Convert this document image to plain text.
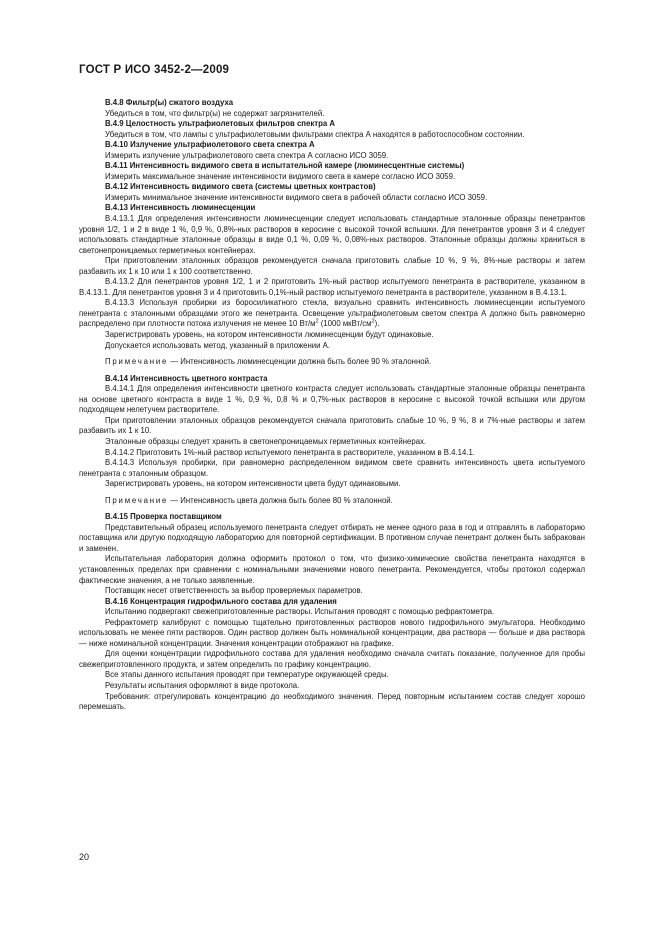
ГОСТ Р ИСО 3452-2—2009

В.4.8 Фильтр(ы) сжатого воздуха

Убедиться в том, что фильтр(ы) не содержат загрязнителей.

В.4.9 Целостность ультрафиолетовых фильтров спектра А

Убедиться в том, что лампы с ультрафиолетовыми фильтрами спектра А находятся в работоспособном состоянии.

В.4.10 Излучение ультрафиолетового света спектра А

Измерить излучение ультрафиолетового света спектра А согласно ИСО 3059.

В.4.11 Интенсивность видимого света в испытательной камере (люминесцентные системы)

Измерить максимальное значение интенсивности видимого света в камере согласно ИСО 3059.

В.4.12 Интенсивность видимого света (системы цветных контрастов)

Измерить минимальное значение интенсивности видимого света в рабочей области согласно ИСО 3059.

В.4.13 Интенсивность люминесценции

В.4.13.1 Для определения интенсивности люминесценции следует использовать стандартные эталонные образцы пенетрантов уровня 1/2, 1 и 2 в виде 1 %, 0,9 %, 0,8%-ных растворов в керосине с высокой точкой вспышки. Для пенетрантов уровня 3 и 4 следует использовать стандартные эталонные образцы в виде 0,1 %, 0,09 %, 0,08%-ных растворов. Эталонные образцы должны храниться в светонепроницаемых герметичных контейнерах.

При приготовлении эталонных образцов рекомендуется сначала приготовить слабые 10 %, 9 %, 8%-ные растворы и затем разбавить их 1 к 10 или 1 к 100 соответственно.

В.4.13.2 Для пенетрантов уровня 1/2, 1 и 2 приготовить 1%-ный раствор испытуемого пенетранта в растворителе, указанном в В.4.13.1. Для пенетрантов уровня 3 и 4 приготовить 0,1%-ный раствор испытуемого пенетранта в растворителе, указанном в В.4.13.1.

В.4.13.3 Используя пробирки из боросиликатного стекла, визуально сравнить интенсивность люминесценции испытуемого пенетранта с эталонными образцами этого же пенетранта. Освещение ультрафиолетовым светом спектра А должно быть равномерно распределено при плотности потока излучения не менее 10 $Вт/м^2$ (1000 мкВт/$см^2$).

Зарегистрировать уровень, на котором интенсивности люминесценции будут одинаковые.

Допускается использовать метод, указанный в приложении А.

Примечание — Интенсивность люминесценции должна быть более 90 % эталонной.

В.4.14 Интенсивность цветного контраста

В.4.14.1 Для определения интенсивности цветного контраста следует использовать стандартные эталонные образцы пенетранта на основе цветного контраста в виде 1 %, 0,9 %, 0,8 % и 0,7%-ных растворов в керосине с высокой точкой вспышки или другом подходящем нелетучем растворителе.

При приготовлении эталонных образцов рекомендуется сначала приготовить слабые 10 %, 9 %, 8 и 7%-ные растворы и затем разбавить их 1 к 10.

Эталонные образцы следует хранить в светонепроницаемых герметичных контейнерах.

В.4.14.2 Приготовить 1%-ный раствор испытуемого пенетранта в растворителе, указанном в В.4.14.1.

В.4.14.3 Используя пробирки, при равномерно распределенном видимом свете сравнить интенсивность цвета испытуемого пенетранта с эталонным образцом.

Зарегистрировать уровень, на котором интенсивности цвета будут одинаковыми.

Примечание — Интенсивность цвета должна быть более 80 % эталонной.

В.4.15 Проверка поставщиком

Представительный образец используемого пенетранта следует отбирать не менее одного раза в год и отправлять в лабораторию поставщика или другую подходящую лабораторию для повторной сертификации. В противном случае пенетрант должен быть забракован и заменен.

Испытательная лаборатория должна оформить протокол о том, что физико-химические свойства пенетранта находятся в установленных пределах при сравнении с номинальными значениями нового пенетранта. Рекомендуется, чтобы протокол содержал фактические значения, а не только заявленные.

Поставщик несет ответственность за выбор проверяемых параметров.

В.4.16 Концентрация гидрофильного состава для удаления

Испытанию подвергают свежеприготовленные растворы. Испытания проводят с помощью рефрактометра.

Рефрактометр калибруют с помощью тщательно приготовленных растворов нового гидрофильного эмульгатора. Необходимо использовать не менее пяти растворов. Один раствор должен быть номинальной концентрации, два раствора — больше и два раствора — ниже номинальной концентрации. Значения концентрации отображают на графике.

Для оценки концентрации гидрофильного состава для удаления необходимо сначала считать показание, полученное для пробы свежеприготовленного продукта, и затем определить по графику концентрацию.

Все этапы данного испытания проводят при температуре окружающей среды.

Результаты испытания оформляют в виде протокола.

Требования: отрегулировать концентрацию до необходимого значения. Перед повторным испытанием состав следует хорошо перемешать.

20
